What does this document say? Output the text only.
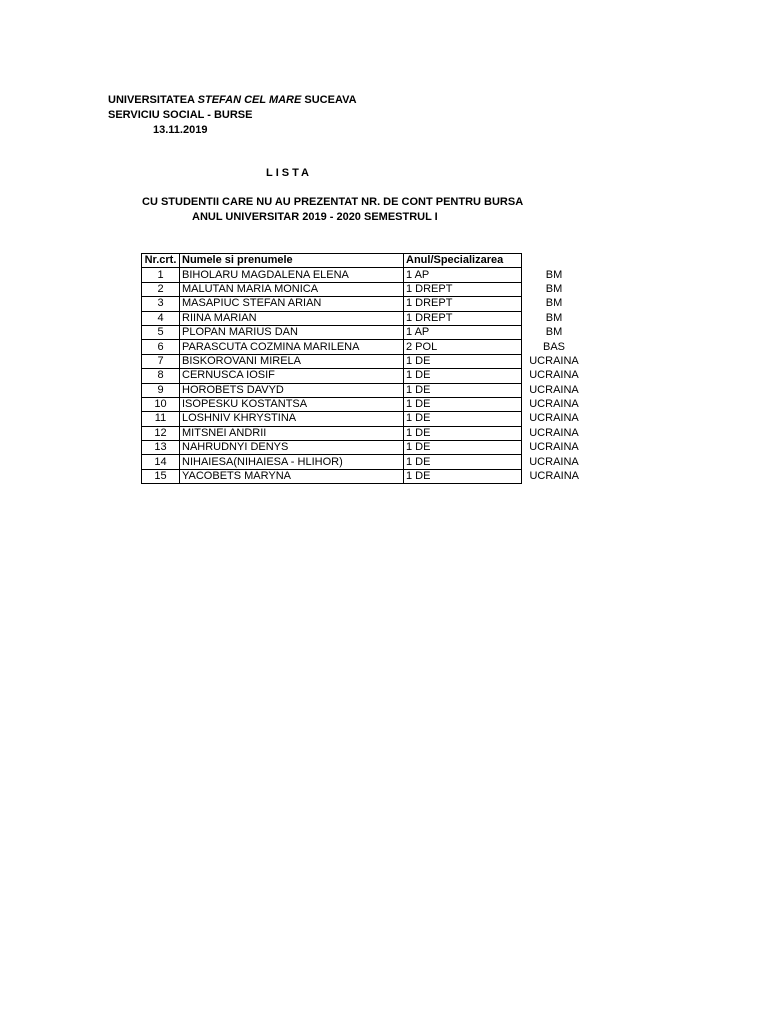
UNIVERSITATEA STEFAN CEL MARE SUCEAVA
SERVICIU SOCIAL - BURSE
13.11.2019
LISTA
CU STUDENTII CARE NU AU PREZENTAT NR. DE CONT PENTRU BURSA
ANUL UNIVERSITAR 2019 - 2020 SEMESTRUL I
Nr.crt.	Numele si prenumele	Anul/Specializarea	
1	BIHOLARU MAGDALENA ELENA	1 AP	BM
2	MALUTAN MARIA MONICA	1 DREPT	BM
3	MASAPIUC STEFAN ARIAN	1 DREPT	BM
4	RIINA MARIAN	1 DREPT	BM
5	PLOPAN MARIUS DAN	1 AP	BM
6	PARASCUTA COZMINA MARILENA	2 POL	BAS
7	BISKOROVANI MIRELA	1 DE	UCRAINA
8	CERNUSCA IOSIF	1 DE	UCRAINA
9	HOROBETS DAVYD	1 DE	UCRAINA
10	ISOPESKU KOSTANTSA	1 DE	UCRAINA
11	LOSHNIV KHRYSTINA	1 DE	UCRAINA
12	MITSNEI ANDRII	1 DE	UCRAINA
13	NAHRUDNYI DENYS	1 DE	UCRAINA
14	NIHAIESA(NIHAIESA - HLIHOR)	1 DE	UCRAINA
15	YACOBETS MARYNA	1 DE	UCRAINA
